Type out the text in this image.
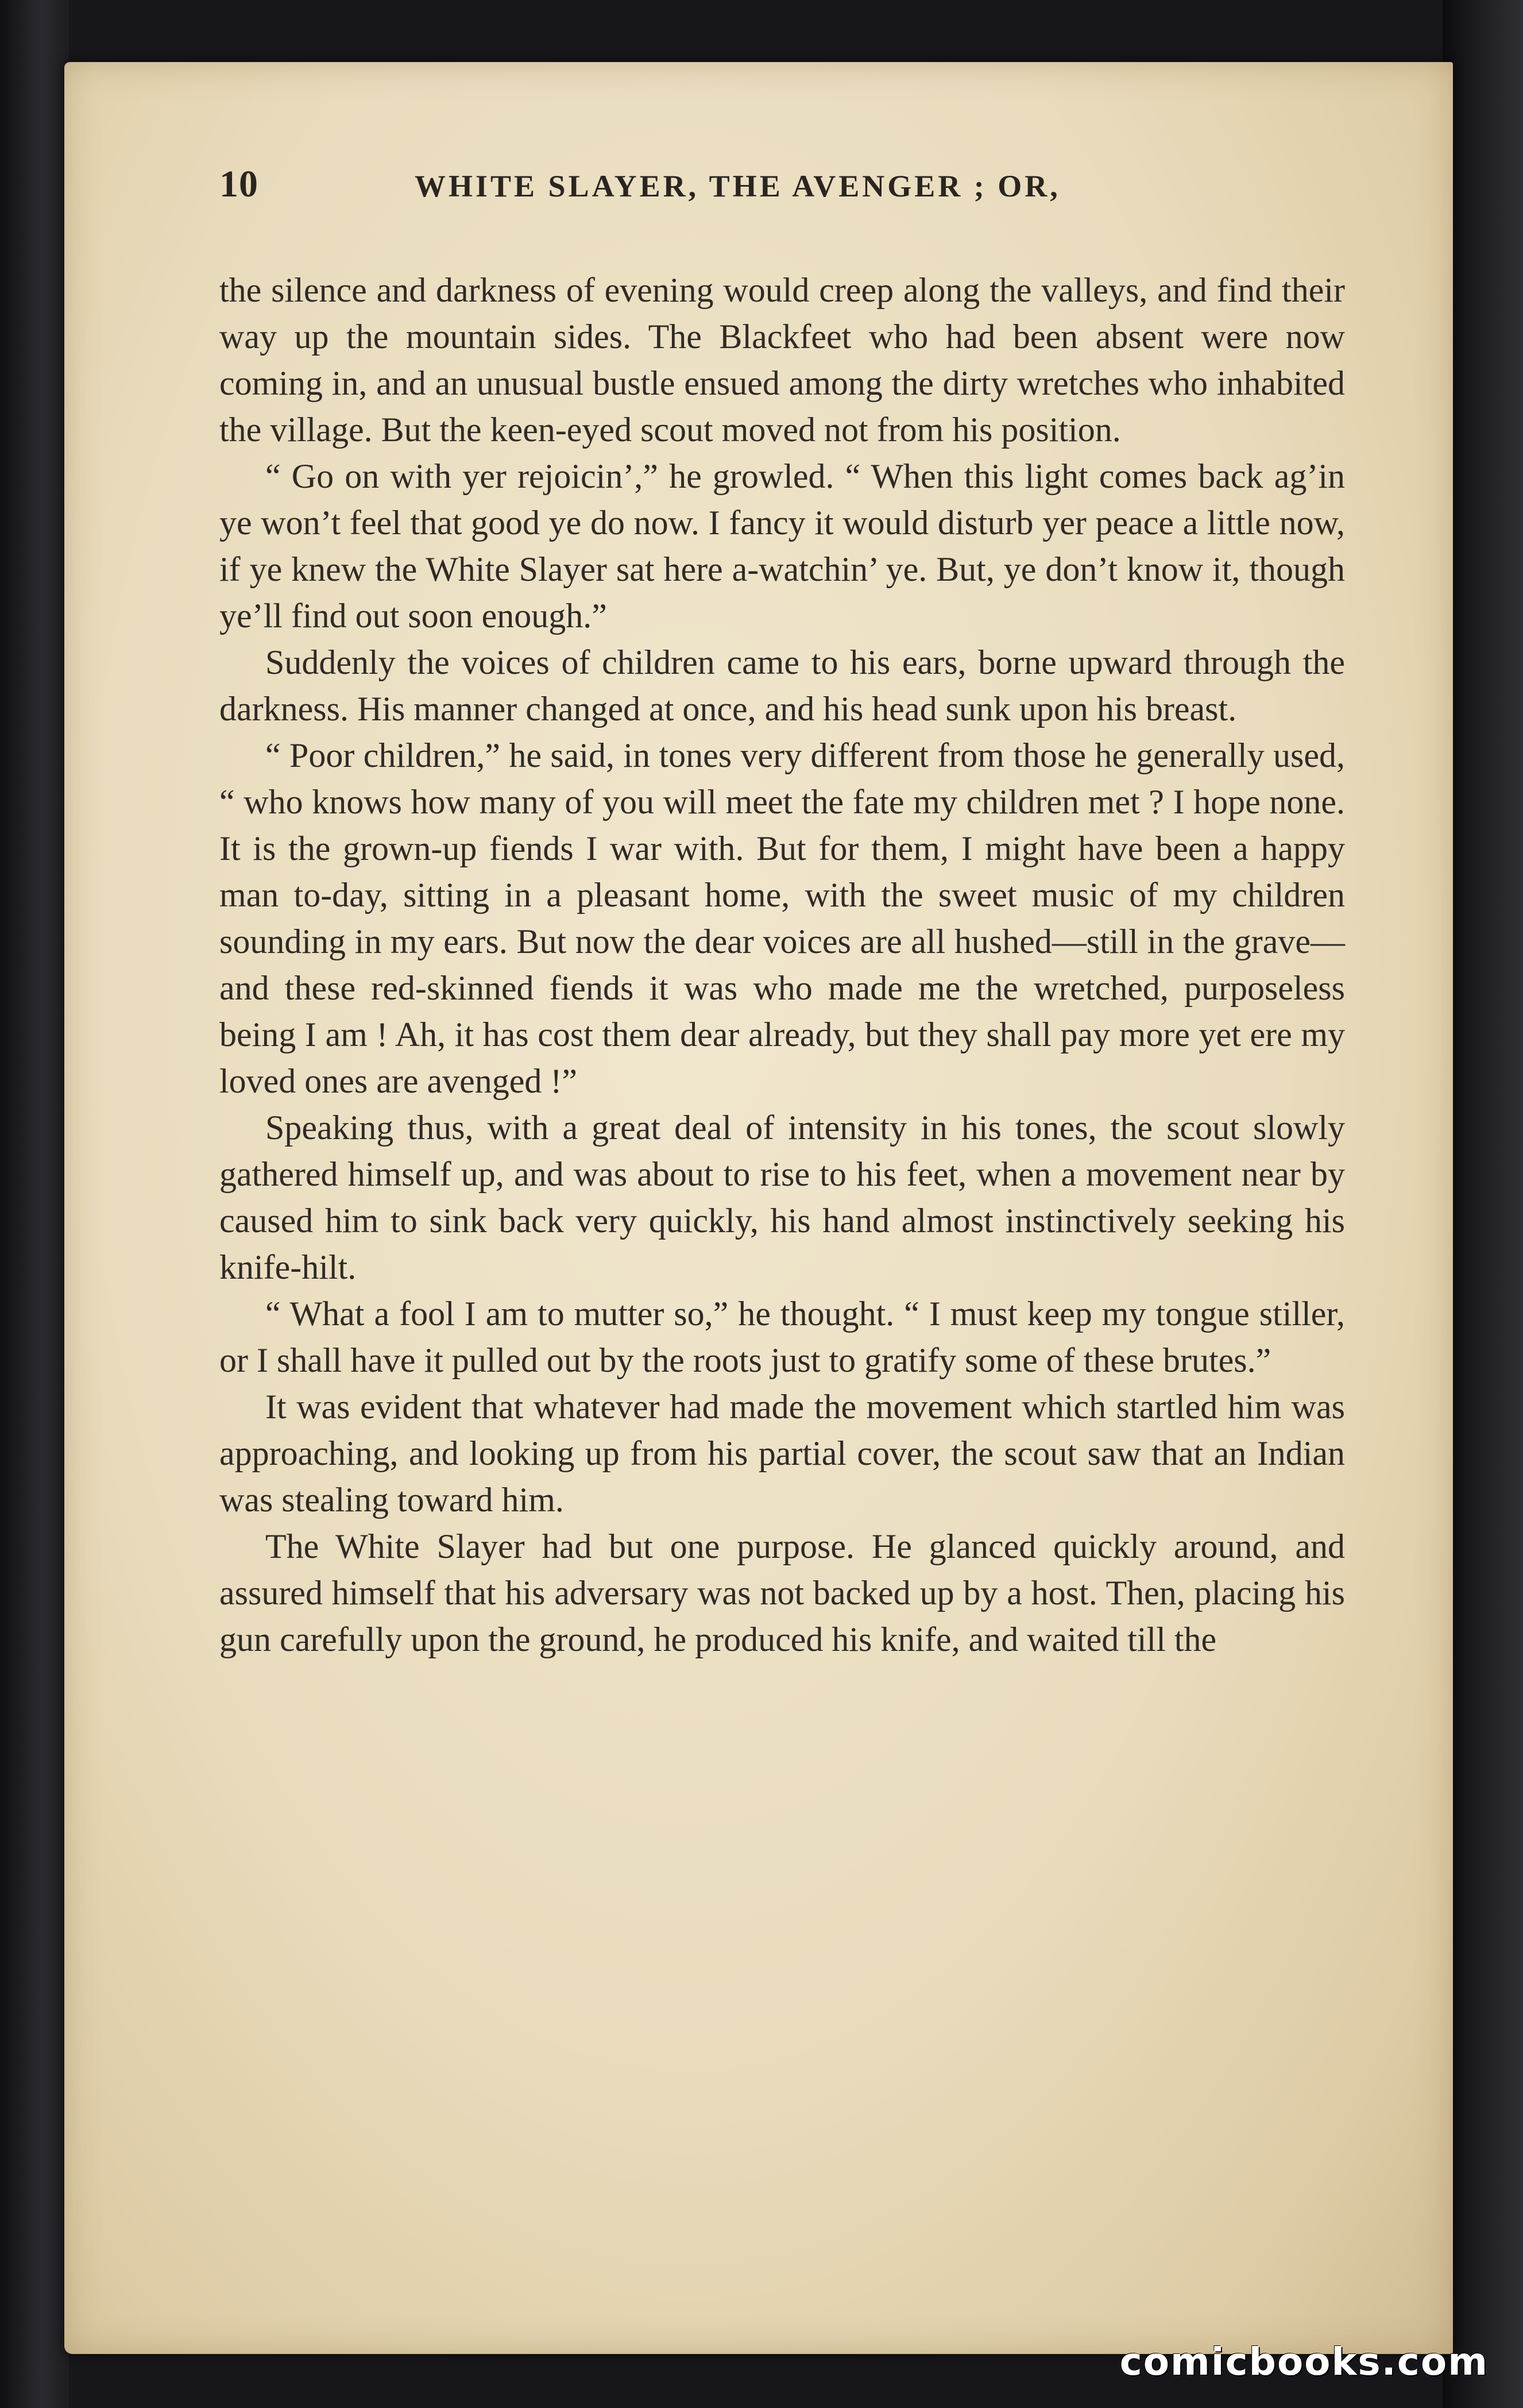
10	WHITE SLAYER, THE AVENGER ; OR,

the silence and darkness of evening would creep along the valleys, and find their way up the mountain sides. The Blackfeet who had been absent were now coming in, and an unusual bustle ensued among the dirty wretches who inhabited the village. But the keen-eyed scout moved not from his position.

“ Go on with yer rejoicin’,” he growled. “ When this light comes back ag’in ye won’t feel that good ye do now. I fancy it would disturb yer peace a little now, if ye knew the White Slayer sat here a-watchin’ ye. But, ye don’t know it, though ye’ll find out soon enough.”

Suddenly the voices of children came to his ears, borne upward through the darkness. His manner changed at once, and his head sunk upon his breast.

“ Poor children,” he said, in tones very different from those he generally used, “ who knows how many of you will meet the fate my children met ? I hope none. It is the grown-up fiends I war with. But for them, I might have been a happy man to-day, sitting in a pleasant home, with the sweet music of my children sounding in my ears. But now the dear voices are all hushed—still in the grave—and these red-skinned fiends it was who made me the wretched, purposeless being I am ! Ah, it has cost them dear already, but they shall pay more yet ere my loved ones are avenged !”

Speaking thus, with a great deal of intensity in his tones, the scout slowly gathered himself up, and was about to rise to his feet, when a movement near by caused him to sink back very quickly, his hand almost instinctively seeking his knife-hilt.

“ What a fool I am to mutter so,” he thought. “ I must keep my tongue stiller, or I shall have it pulled out by the roots just to gratify some of these brutes.”

It was evident that whatever had made the movement which startled him was approaching, and looking up from his partial cover, the scout saw that an Indian was stealing toward him.

The White Slayer had but one purpose. He glanced quickly around, and assured himself that his adversary was not backed up by a host. Then, placing his gun carefully upon the ground, he produced his knife, and waited till the

comicbooks.com
